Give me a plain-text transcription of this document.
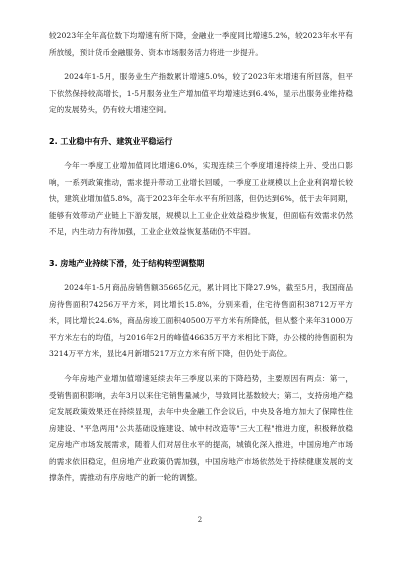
较2023年全年高位数下均增速有所下降，金融业一季度同比增速5.2%，较2023年水平有所放缓，预计货币金融服务、资本市场服务活力将进一步提升。

2024年1-5月，服务业生产指数累计增速5.0%，较了2023年末增速有所回落，但平下依然保持较高增长，1-5月服务业生产增加值平均增速达到6.4%，显示出服务业维持稳定的发展势头，仍有较大增速空间。

2. 工业稳中有升、建筑业平稳运行

今年一季度工业增加值同比增速6.0%，实现连续三个季度增速持续上升、受出口影响，一系列政策推动，需求提升带动工业增长回暖，一季度工业规模以上企业利润增长较快，建筑业增加值5.8%，高于2023年全年水平有所回落，但仍达到6%，低于去年同期，能够有效带动产业链上下游发展，规模以上工业企业效益稳步恢复，但面临有效需求仍然不足，内生动力有待加强，工业企业效益恢复基础仍不牢固。

3. 房地产业持续下滑，处于结构转型调整期

2024年1-5月商品房销售额35665亿元，累计同比下降27.9%，截至5月，我国商品房待售面积74256万平方米，同比增长15.8%，分别来看，住宅待售面积38712万平方米，同比增长24.6%，商品房竣工面积40500万平方米有所降低，但从整个来年31000万平方米左右的均值，与2016年2月的峰值46635万平方米相比下降，办公楼的待售面积为3214万平方米，显比4月新增5217万立方米有所下降，但仍处于高位。

今年房地产业增加值增速延续去年三季度以来的下降趋势，主要原因有两点：第一，受销售面积影响，去年3月以来住宅销售量减少，导致同比基数较大；第二，支持房地产稳定发展政策效果还在持续显现，去年中央金融工作会议后，中央及各地方加大了保障性住房建设、"平急两用"公共基础设施建设、城中村改造等"三大工程"推进力度，积极释放稳定房地产市场发展需求，随着人们对居住水平的提高，城镇化深入推进，中国房地产市场的需求依旧稳定，但房地产业政策仍需加强，中国房地产市场依然处于持续健康发展的支撑条件，需推动有序房地产的新一轮的调整。

2
